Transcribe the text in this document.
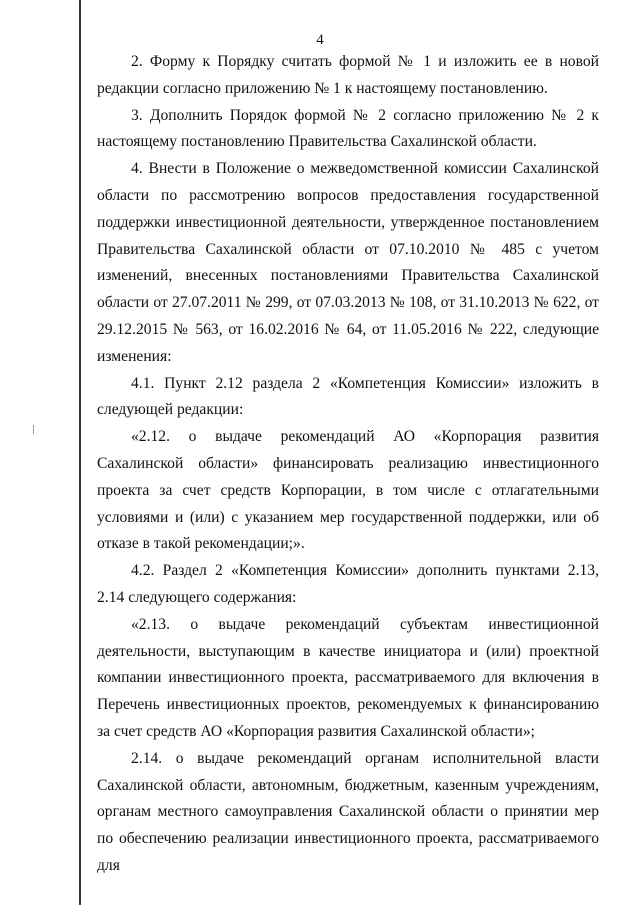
4

2. Форму к Порядку считать формой № 1 и изложить ее в новой редакции согласно приложению № 1 к настоящему постановлению.

3. Дополнить Порядок формой № 2 согласно приложению № 2 к настоящему постановлению Правительства Сахалинской области.

4. Внести в Положение о межведомственной комиссии Сахалинской области по рассмотрению вопросов предоставления государственной поддержки инвестиционной деятельности, утвержденное постановлением Правительства Сахалинской области от 07.10.2010 № 485 с учетом изменений, внесенных постановлениями Правительства Сахалинской области от 27.07.2011 № 299, от 07.03.2013 № 108, от 31.10.2013 № 622, от 29.12.2015 № 563, от 16.02.2016 № 64, от 11.05.2016 № 222, следующие изменения:

4.1. Пункт 2.12 раздела 2 «Компетенция Комиссии» изложить в следующей редакции:

«2.12. о выдаче рекомендаций АО «Корпорация развития Сахалинской области» финансировать реализацию инвестиционного проекта за счет средств Корпорации, в том числе с отлагательными условиями и (или) с указанием мер государственной поддержки, или об отказе в такой рекомендации;».

4.2. Раздел 2 «Компетенция Комиссии» дополнить пунктами 2.13, 2.14 следующего содержания:

«2.13. о выдаче рекомендаций субъектам инвестиционной деятельности, выступающим в качестве инициатора и (или) проектной компании инвестиционного проекта, рассматриваемого для включения в Перечень инвестиционных проектов, рекомендуемых к финансированию за счет средств АО «Корпорация развития Сахалинской области»;

2.14. о выдаче рекомендаций органам исполнительной власти Сахалинской области, автономным, бюджетным, казенным учреждениям, органам местного самоуправления Сахалинской области о принятии мер по обеспечению реализации инвестиционного проекта, рассматриваемого для
